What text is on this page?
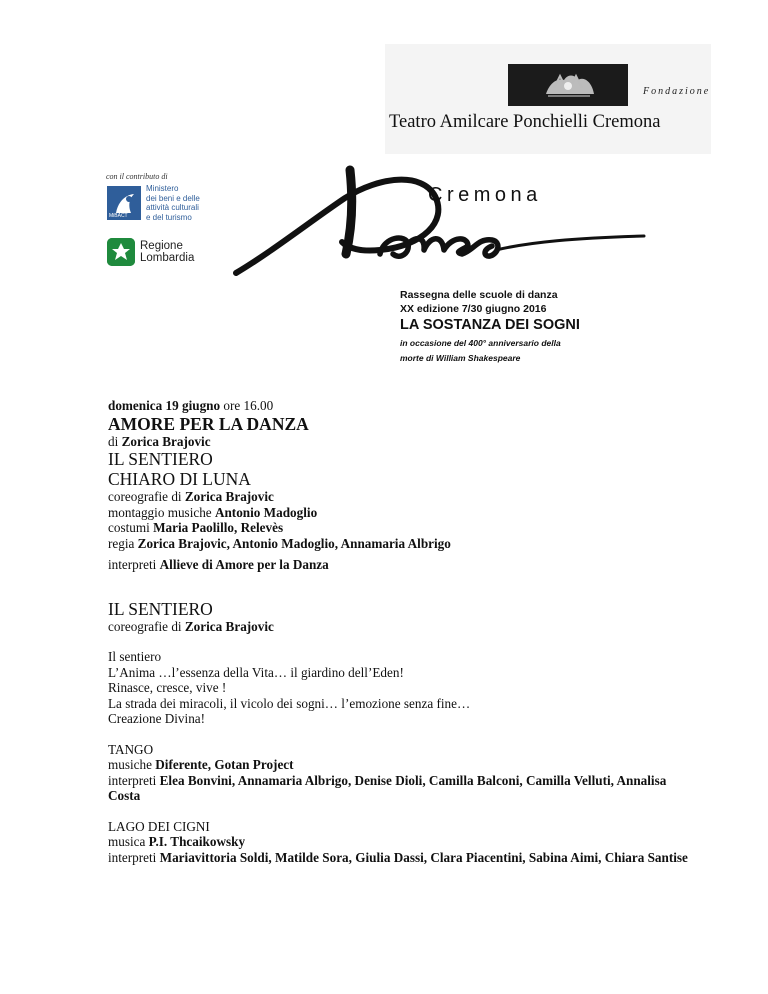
Fondazione
Teatro Amilcare Ponchielli Cremona
con il contributo di
MiBACT
Ministero
dei beni e delle
attività culturali
e del turismo
Regione
Lombardia
Cremona
Rassegna delle scuole di danza
XX edizione 7/30 giugno 2016
LA SOSTANZA DEI SOGNI
in occasione del 400° anniversario della
morte di William Shakespeare
domenica 19 giugno ore 16.00
AMORE PER LA DANZA
di Zorica Brajovic
IL SENTIERO
CHIARO DI LUNA
coreografie di Zorica Brajovic
montaggio musiche Antonio Madoglio
costumi Maria Paolillo, Relevès
regia Zorica Brajovic, Antonio Madoglio, Annamaria Albrigo
interpreti Allieve di Amore per la Danza
IL SENTIERO
coreografie di Zorica Brajovic
Il sentiero
L’Anima …l’essenza della Vita… il giardino dell’Eden!
Rinasce, cresce, vive !
La strada dei miracoli, il vicolo dei sogni… l’emozione senza fine…
Creazione Divina!
TANGO
musiche Diferente, Gotan Project
interpreti Elea Bonvini, Annamaria Albrigo, Denise Dioli, Camilla Balconi, Camilla Velluti, Annalisa Costa
LAGO DEI CIGNI
musica P.I. Thcaikowsky
interpreti Mariavittoria Soldi, Matilde Sora, Giulia Dassi, Clara Piacentini, Sabina Aimi, Chiara Santise
